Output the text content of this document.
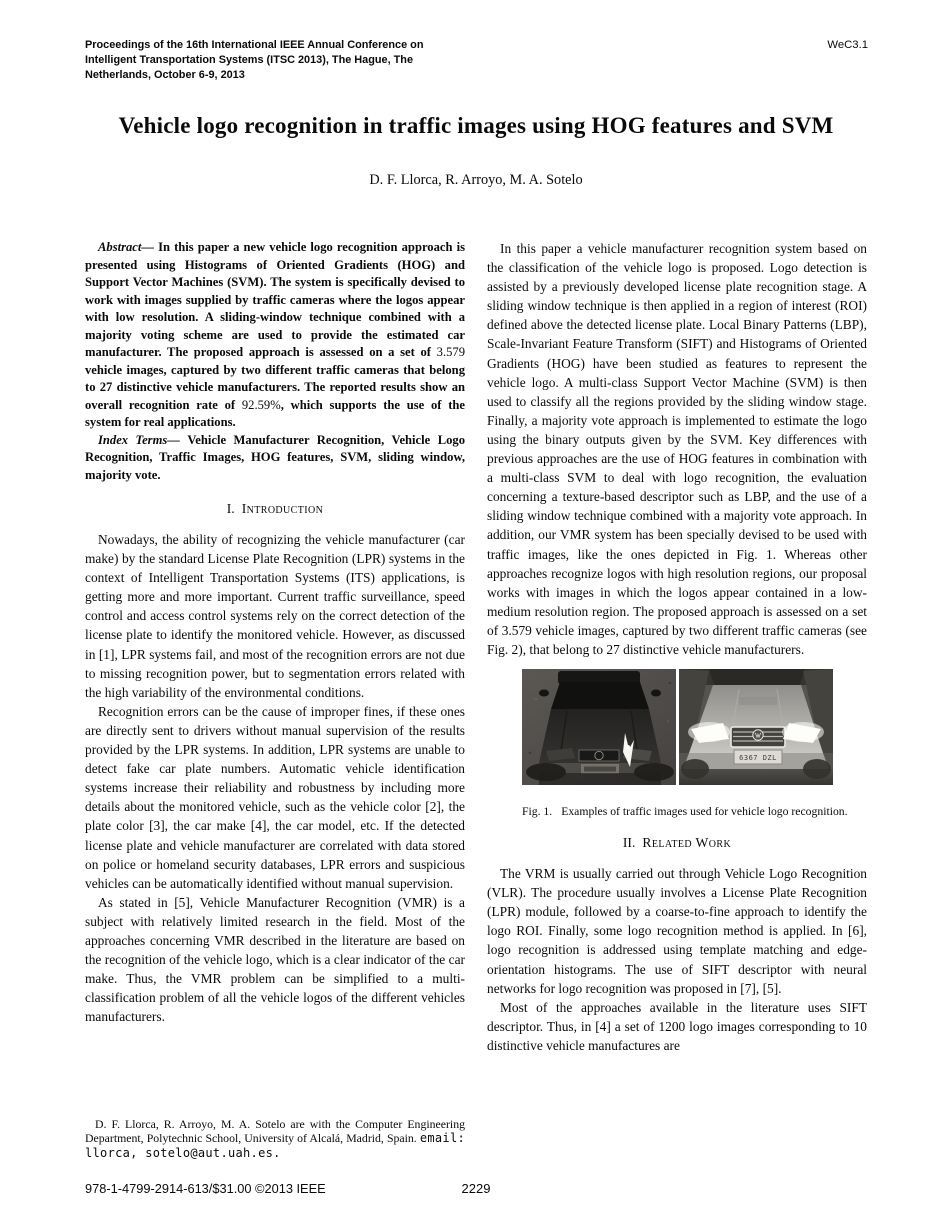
Proceedings of the 16th International IEEE Annual Conference on
Intelligent Transportation Systems (ITSC 2013), The Hague, The
Netherlands, October 6-9, 2013
WeC3.1
Vehicle logo recognition in traffic images using HOG features and SVM
D. F. Llorca, R. Arroyo, M. A. Sotelo

Abstract— In this paper a new vehicle logo recognition approach is presented using Histograms of Oriented Gradients (HOG) and Support Vector Machines (SVM). The system is specifically devised to work with images supplied by traffic cameras where the logos appear with low resolution. A sliding-window technique combined with a majority voting scheme are used to provide the estimated car manufacturer. The proposed approach is assessed on a set of 3.579 vehicle images, captured by two different traffic cameras that belong to 27 distinctive vehicle manufacturers. The reported results show an overall recognition rate of 92.59%, which supports the use of the system for real applications.

Index Terms— Vehicle Manufacturer Recognition, Vehicle Logo Recognition, Traffic Images, HOG features, SVM, sliding window, majority vote.

I. Introduction

Nowadays, the ability of recognizing the vehicle manufacturer (car make) by the standard License Plate Recognition (LPR) systems in the context of Intelligent Transportation Systems (ITS) applications, is getting more and more important. Current traffic surveillance, speed control and access control systems rely on the correct detection of the license plate to identify the monitored vehicle. However, as discussed in [1], LPR systems fail, and most of the recognition errors are not due to missing recognition power, but to segmentation errors related with the high variability of the environmental conditions.

Recognition errors can be the cause of improper fines, if these ones are directly sent to drivers without manual supervision of the results provided by the LPR systems. In addition, LPR systems are unable to detect fake car plate numbers. Automatic vehicle identification systems increase their reliability and robustness by including more details about the monitored vehicle, such as the vehicle color [2], the plate color [3], the car make [4], the car model, etc. If the detected license plate and vehicle manufacturer are correlated with data stored on police or homeland security databases, LPR errors and suspicious vehicles can be automatically identified without manual supervision.

As stated in [5], Vehicle Manufacturer Recognition (VMR) is a subject with relatively limited research in the field. Most of the approaches concerning VMR described in the literature are based on the recognition of the vehicle logo, which is a clear indicator of the car make. Thus, the VMR problem can be simplified to a multi-classification problem of all the vehicle logos of the different vehicles manufacturers.

D. F. Llorca, R. Arroyo, M. A. Sotelo are with the Computer Engineering Department, Polytechnic School, University of Alcalá, Madrid, Spain. email: llorca, sotelo@aut.uah.es.

In this paper a vehicle manufacturer recognition system based on the classification of the vehicle logo is proposed. Logo detection is assisted by a previously developed license plate recognition stage. A sliding window technique is then applied in a region of interest (ROI) defined above the detected license plate. Local Binary Patterns (LBP), Scale-Invariant Feature Transform (SIFT) and Histograms of Oriented Gradients (HOG) have been studied as features to represent the vehicle logo. A multi-class Support Vector Machine (SVM) is then used to classify all the regions provided by the sliding window stage. Finally, a majority vote approach is implemented to estimate the logo using the binary outputs given by the SVM. Key differences with previous approaches are the use of HOG features in combination with a multi-class SVM to deal with logo recognition, the evaluation concerning a texture-based descriptor such as LBP, and the use of a sliding window technique combined with a majority vote approach. In addition, our VMR system has been specially devised to be used with traffic images, like the ones depicted in Fig. 1. Whereas other approaches recognize logos with high resolution regions, our proposal works with images in which the logos appear contained in a low-medium resolution region. The proposed approach is assessed on a set of 3.579 vehicle images, captured by two different traffic cameras (see Fig. 2), that belong to 27 distinctive vehicle manufacturers.

6367 DZL
Fig. 1. Examples of traffic images used for vehicle logo recognition.
II. Related Work

The VRM is usually carried out through Vehicle Logo Recognition (VLR). The procedure usually involves a License Plate Recognition (LPR) module, followed by a coarse-to-fine approach to identify the logo ROI. Finally, some logo recognition method is applied. In [6], logo recognition is addressed using template matching and edge-orientation histograms. The use of SIFT descriptor with neural networks for logo recognition was proposed in [7], [5].

Most of the approaches available in the literature uses SIFT descriptor. Thus, in [4] a set of 1200 logo images corresponding to 10 distinctive vehicle manufactures are

978-1-4799-2914-613/$31.00 ©2013 IEEE	2229
